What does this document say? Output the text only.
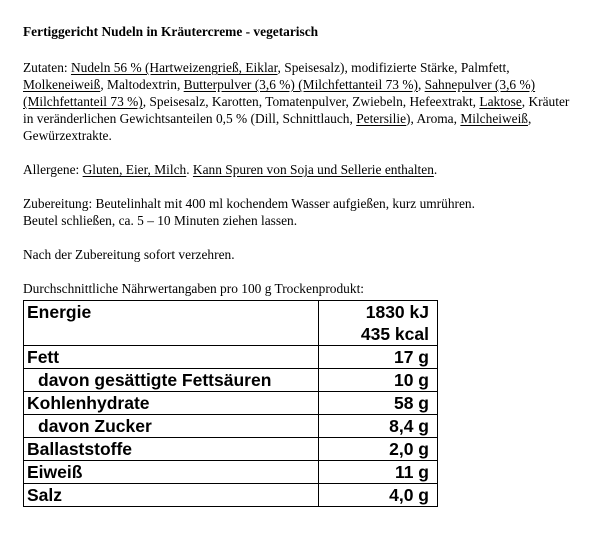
Fertiggericht Nudeln in Kräutercreme - vegetarisch
Zutaten: Nudeln 56 % (Hartweizengrieß, Eiklar, Speisesalz), modifizierte Stärke, Palmfett, Molkeneiweiß, Maltodextrin, Butterpulver (3,6 %) (Milchfettanteil 73 %), Sahnepulver (3,6 %) (Milchfettanteil 73 %), Speisesalz, Karotten, Tomatenpulver, Zwiebeln, Hefeextrakt, Laktose, Kräuter in veränderlichen Gewichtsanteilen 0,5 % (Dill, Schnittlauch, Petersilie), Aroma, Milcheiweiß, Gewürzextrakte.
Allergene: Gluten, Eier, Milch. Kann Spuren von Soja und Sellerie enthalten.
Zubereitung: Beutelinhalt mit 400 ml kochendem Wasser aufgießen, kurz umrühren.
Beutel schließen, ca. 5 – 10 Minuten ziehen lassen.
Nach der Zubereitung sofort verzehren.
Durchschnittliche Nährwertangaben pro 100 g Trockenprodukt:
Energie	1830 kJ
435 kcal

Fett	17 g

davon gesättigte Fettsäuren	10 g

Kohlenhydrate	58 g

davon Zucker	8,4 g

Ballaststoffe	2,0 g

Eiweiß	11 g

Salz	4,0 g
